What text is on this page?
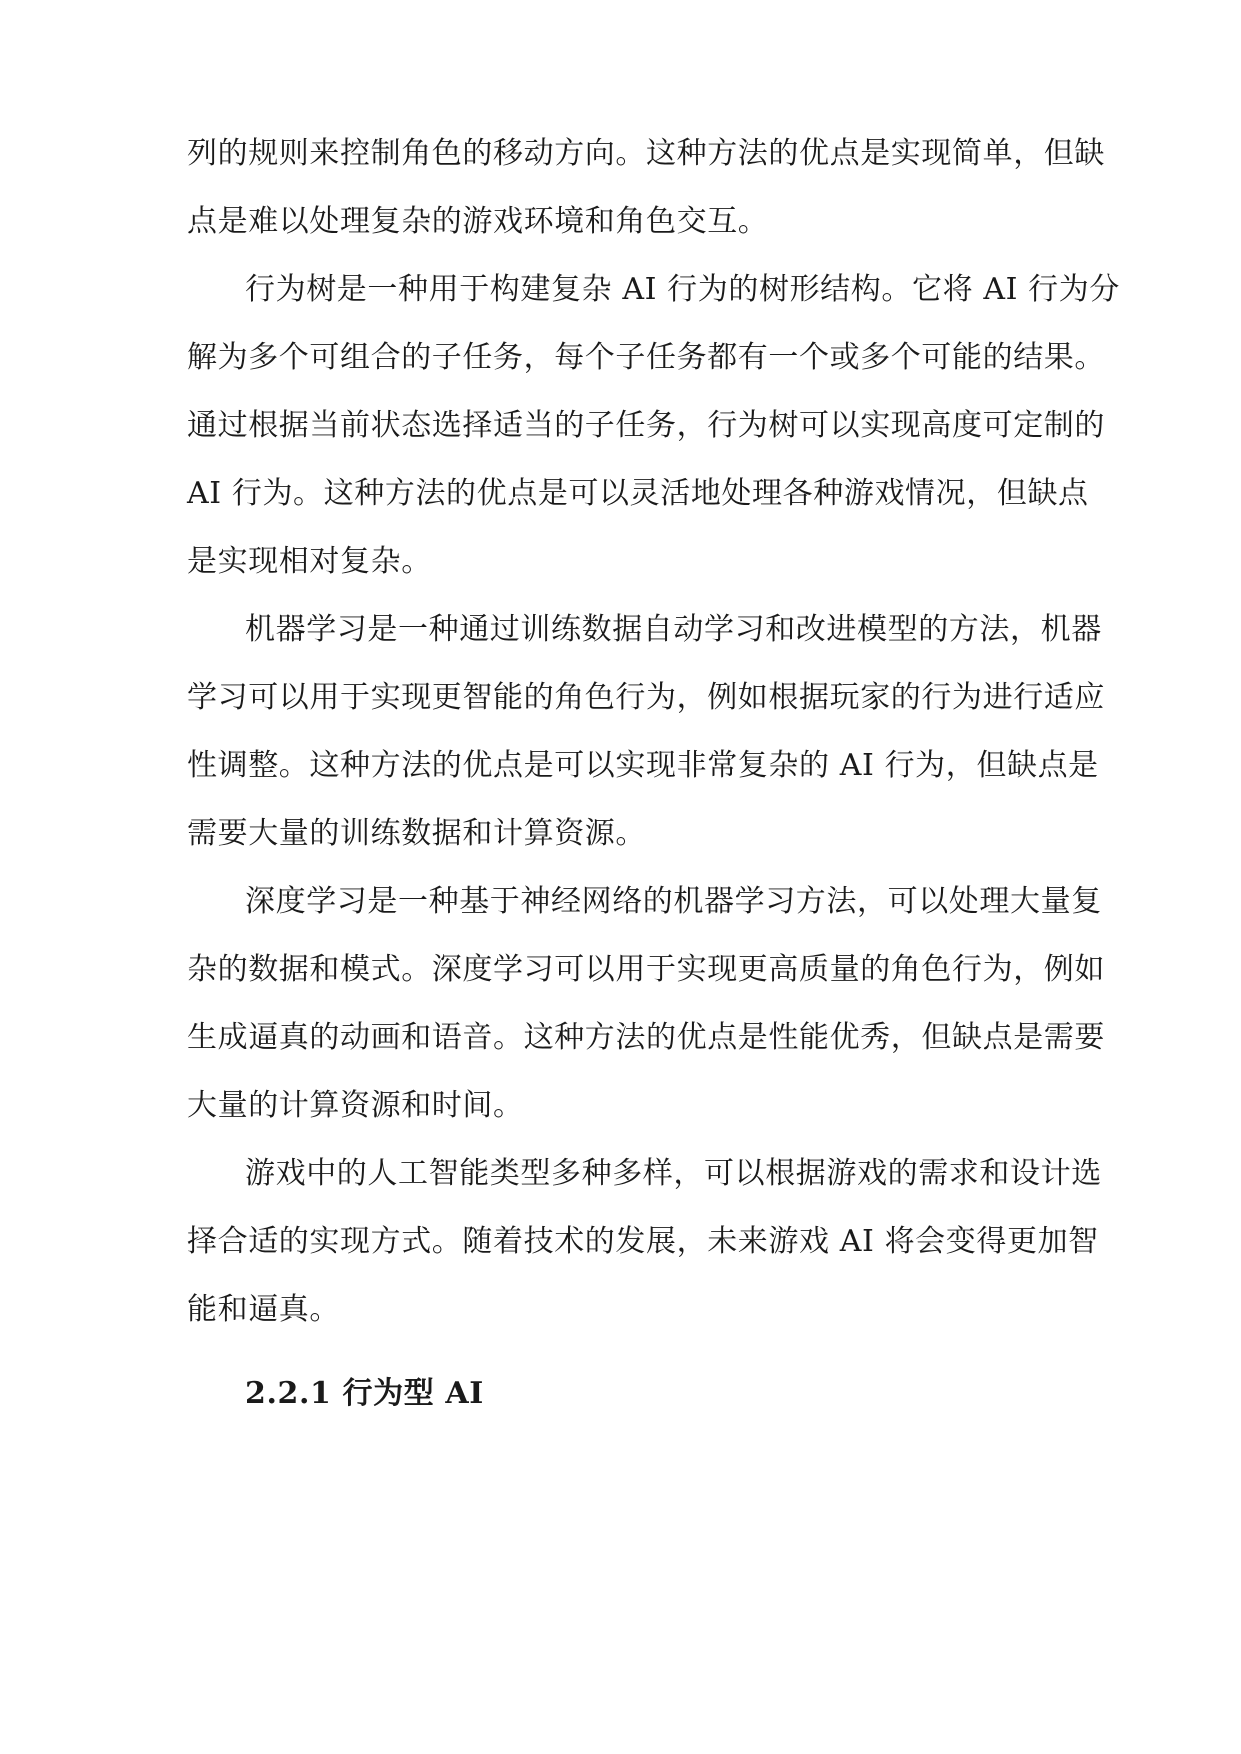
列的规则来控制角色的移动方向。这种方法的优点是实现简单，但缺
点是难以处理复杂的游戏环境和角色交互。
行为树是一种用于构建复杂 AI 行为的树形结构。它将 AI 行为分
解为多个可组合的子任务，每个子任务都有一个或多个可能的结果。
通过根据当前状态选择适当的子任务，行为树可以实现高度可定制的
AI 行为。这种方法的优点是可以灵活地处理各种游戏情况，但缺点
是实现相对复杂。
机器学习是一种通过训练数据自动学习和改进模型的方法，机器
学习可以用于实现更智能的角色行为，例如根据玩家的行为进行适应
性调整。这种方法的优点是可以实现非常复杂的 AI 行为，但缺点是
需要大量的训练数据和计算资源。
深度学习是一种基于神经网络的机器学习方法，可以处理大量复
杂的数据和模式。深度学习可以用于实现更高质量的角色行为，例如
生成逼真的动画和语音。这种方法的优点是性能优秀，但缺点是需要
大量的计算资源和时间。
游戏中的人工智能类型多种多样，可以根据游戏的需求和设计选
择合适的实现方式。随着技术的发展，未来游戏 AI 将会变得更加智
能和逼真。
2.2.1 行为型 AI
